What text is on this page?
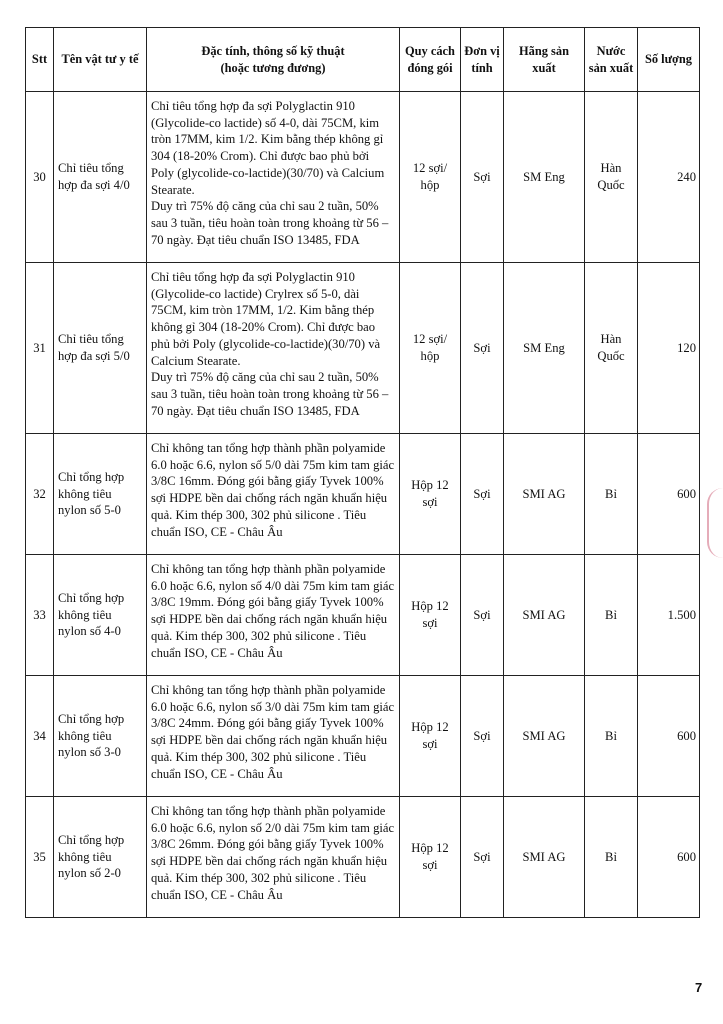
Stt	Tên vật tư y tế	Đặc tính, thông số kỹ thuật
(hoặc tương đương)	Quy cách đóng gói	Đơn vị tính	Hãng sản xuất	Nước sản xuất	Số lượng
30	Chỉ tiêu tổng hợp đa sợi 4/0	Chỉ tiêu tổng hợp đa sợi Polyglactin 910 (Glycolide-co lactide) số 4-0, dài 75CM, kim tròn 17MM, kim 1/2. Kim bằng thép không gỉ 304 (18-20% Crom). Chỉ được bao phủ bởi Poly (glycolide-co-lactide)(30/70) và Calcium Stearate.
Duy trì 75% độ căng của chỉ sau 2 tuần, 50% sau 3 tuần, tiêu hoàn toàn trong khoảng từ 56 – 70 ngày. Đạt tiêu chuẩn ISO 13485, FDA	12 sợi/ hộp	Sợi	SM Eng	Hàn Quốc	240
31	Chỉ tiêu tổng hợp đa sợi 5/0	Chỉ tiêu tổng hợp đa sợi Polyglactin 910 (Glycolide-co lactide) Crylrex số 5-0, dài 75CM, kim tròn 17MM, 1/2. Kim bằng thép không gỉ 304 (18-20% Crom). Chỉ được bao phủ bởi Poly (glycolide-co-lactide)(30/70) và Calcium Stearate.
Duy trì 75% độ căng của chỉ sau 2 tuần, 50% sau 3 tuần, tiêu hoàn toàn trong khoảng từ 56 – 70 ngày. Đạt tiêu chuẩn ISO 13485, FDA	12 sợi/ hộp	Sợi	SM Eng	Hàn Quốc	120
32	Chỉ tổng hợp không tiêu nylon số 5-0	Chỉ không tan tổng hợp thành phần polyamide 6.0 hoặc 6.6, nylon số 5/0 dài 75m kim tam giác 3/8C 16mm. Đóng gói bằng giấy Tyvek 100% sợi HDPE bền dai chống rách ngăn khuẩn hiệu quả. Kim thép 300, 302 phủ silicone . Tiêu chuẩn ISO, CE - Châu Âu	Hộp 12 sợi	Sợi	SMI AG	Bỉ	600
33	Chỉ tổng hợp không tiêu nylon số 4-0	Chỉ không tan tổng hợp thành phần polyamide 6.0 hoặc 6.6, nylon số 4/0 dài 75m kim tam giác 3/8C 19mm. Đóng gói bằng giấy Tyvek 100% sợi HDPE bền dai chống rách ngăn khuẩn hiệu quả. Kim thép 300, 302 phủ silicone . Tiêu chuẩn ISO, CE - Châu Âu	Hộp 12 sợi	Sợi	SMI AG	Bỉ	1.500
34	Chỉ tổng hợp không tiêu nylon số 3-0	Chỉ không tan tổng hợp thành phần polyamide 6.0 hoặc 6.6, nylon số 3/0 dài 75m kim tam giác 3/8C 24mm. Đóng gói bằng giấy Tyvek 100% sợi HDPE bền dai chống rách ngăn khuẩn hiệu quả. Kim thép 300, 302 phủ silicone . Tiêu chuẩn ISO, CE - Châu Âu	Hộp 12 sợi	Sợi	SMI AG	Bỉ	600
35	Chỉ tổng hợp không tiêu nylon số 2-0	Chỉ không tan tổng hợp thành phần polyamide 6.0 hoặc 6.6, nylon số 2/0 dài 75m kim tam giác 3/8C 26mm. Đóng gói bằng giấy Tyvek 100% sợi HDPE bền dai chống rách ngăn khuẩn hiệu quả. Kim thép 300, 302 phủ silicone . Tiêu chuẩn ISO, CE - Châu Âu	Hộp 12 sợi	Sợi	SMI AG	Bỉ	600
7
